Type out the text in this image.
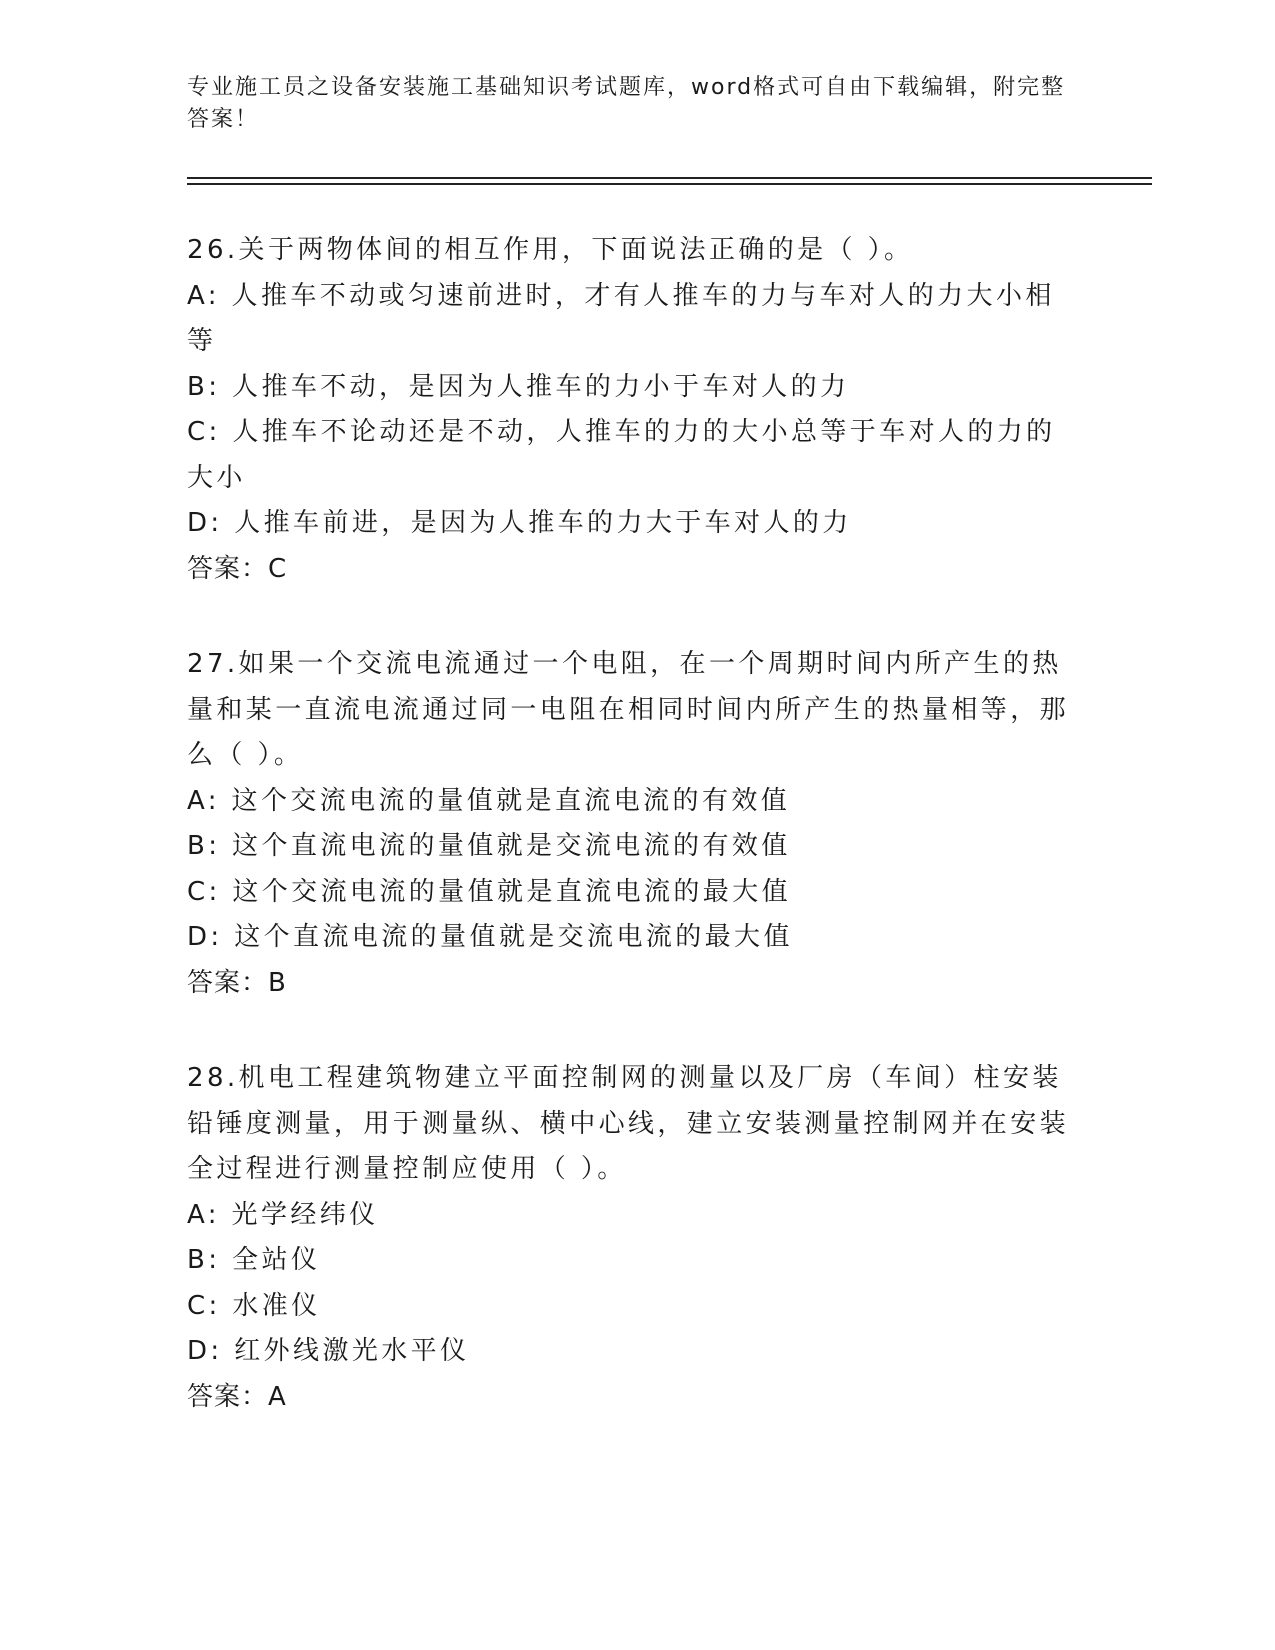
专业施工员之设备安装施工基础知识考试题库，word格式可自由下载编辑，附完整答案！

26.关于两物体间的相互作用，下面说法正确的是（ ）。

A: 人推车不动或匀速前进时，才有人推车的力与车对人的力大小相等

B: 人推车不动，是因为人推车的力小于车对人的力

C: 人推车不论动还是不动，人推车的力的大小总等于车对人的力的大小

D: 人推车前进，是因为人推车的力大于车对人的力

答案：C

27.如果一个交流电流通过一个电阻，在一个周期时间内所产生的热量和某一直流电流通过同一电阻在相同时间内所产生的热量相等，那么（ ）。

A: 这个交流电流的量值就是直流电流的有效值

B: 这个直流电流的量值就是交流电流的有效值

C: 这个交流电流的量值就是直流电流的最大值

D: 这个直流电流的量值就是交流电流的最大值

答案：B

28.机电工程建筑物建立平面控制网的测量以及厂房（车间）柱安装铅锤度测量，用于测量纵、横中心线，建立安装测量控制网并在安装全过程进行测量控制应使用（ ）。

A: 光学经纬仪

B: 全站仪

C: 水准仪

D: 红外线激光水平仪

答案：A
